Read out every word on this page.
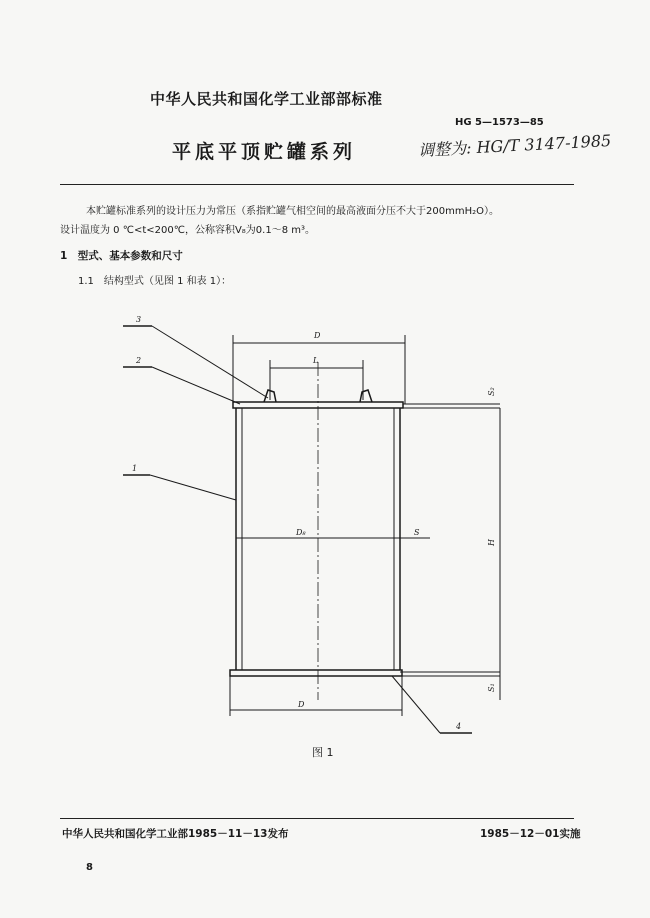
中华人民共和国化学工业部部标准
HG 5—1573—85
平底平顶贮罐系列	调整为: HG/T 3147-1985
本贮罐标准系列的设计压力为常压（系指贮罐气相空间的最高液面分压不大于200mmH₂O）。
设计温度为 0 ℃<t<200℃，公称容积V₈为0.1～8 m³。
1　型式、基本参数和尺寸
1.1　结构型式（见图 1 和表 1）：
3
2
1
4
D
L
D₈	S
D
S₂
H
S₁
图 1
中华人民共和国化学工业部1985－11－13发布	1985－12－01实施
8
